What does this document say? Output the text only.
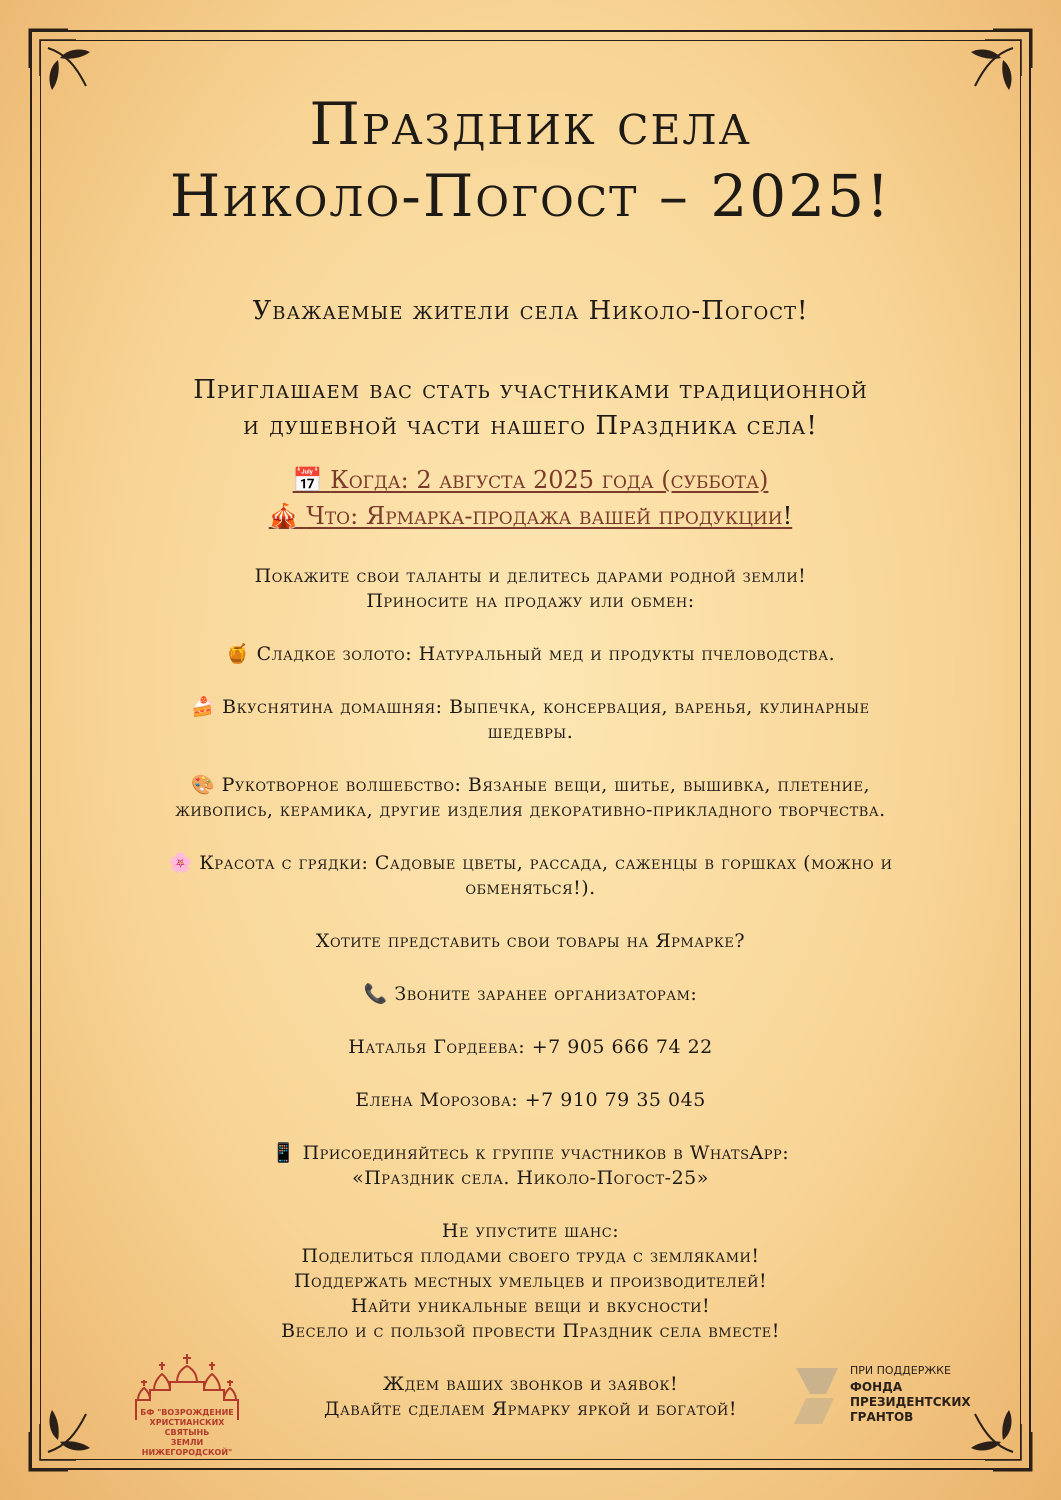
Праздник села
Николо-Погост – 2025!
Уважаемые жители села Николо-Погост!
Приглашаем вас стать участниками традиционной
и душевной части нашего Праздника села!
📅 Когда: 2 августа 2025 года (суббота)
🎪 Что: Ярмарка-продажа вашей продукции!

Покажите свои таланты и делитесь дарами родной земли!

Приносите на продажу или обмен:

🍯 Сладкое золото: Натуральный мед и продукты пчеловодства.

🍰 Вкуснятина домашняя: Выпечка, консервация, варенья, кулинарные

шедевры.

🎨 Рукотворное волшебство: Вязаные вещи, шитье, вышивка, плетение,

живопись, керамика, другие изделия декоративно-прикладного творчества.

🌸 Красота с грядки: Садовые цветы, рассада, саженцы в горшках (можно и

обменяться!).

Хотите представить свои товары на Ярмарке?

📞 Звоните заранее организаторам:

Наталья Гордеева: +7 905 666 74 22

Елена Морозова: +7 910 79 35 045

📱 Присоединяйтесь к группе участников в WhatsApp:

«Праздник села. Николо-Погост-25»

Не упустите шанс:

Поделиться плодами своего труда с земляками!

Поддержать местных умельцев и производителей!

Найти уникальные вещи и вкусности!

Весело и с пользой провести Праздник села вместе!

Ждем ваших звонков и заявок!

Давайте сделаем Ярмарку яркой и богатой!

БФ "ВОЗРОЖДЕНИЕ
ХРИСТИАНСКИХ СВЯТЫНЬ
ЗЕМЛИ НИЖЕГОРОДСКОЙ"
ПРИ ПОДДЕРЖКЕ
ФОНДА
ПРЕЗИДЕНТСКИХ
ГРАНТОВ
